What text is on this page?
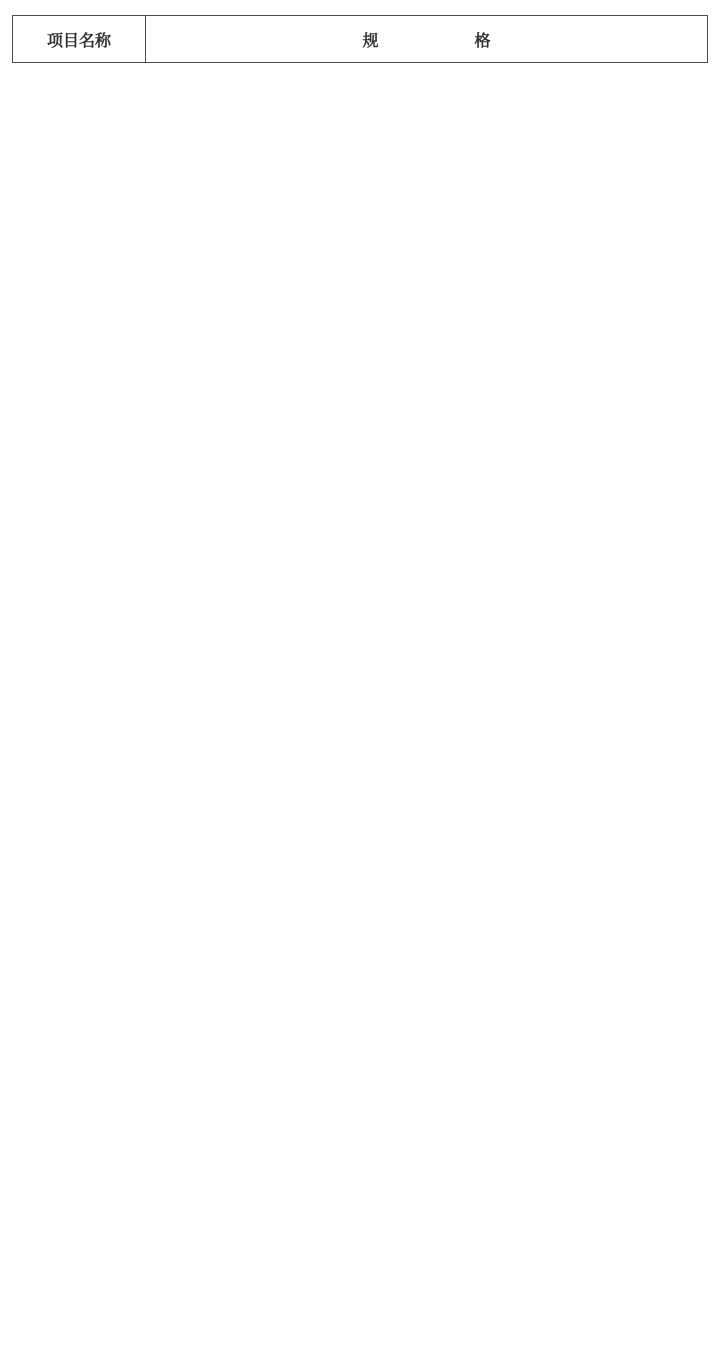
项目名称	规　　　　　　格
